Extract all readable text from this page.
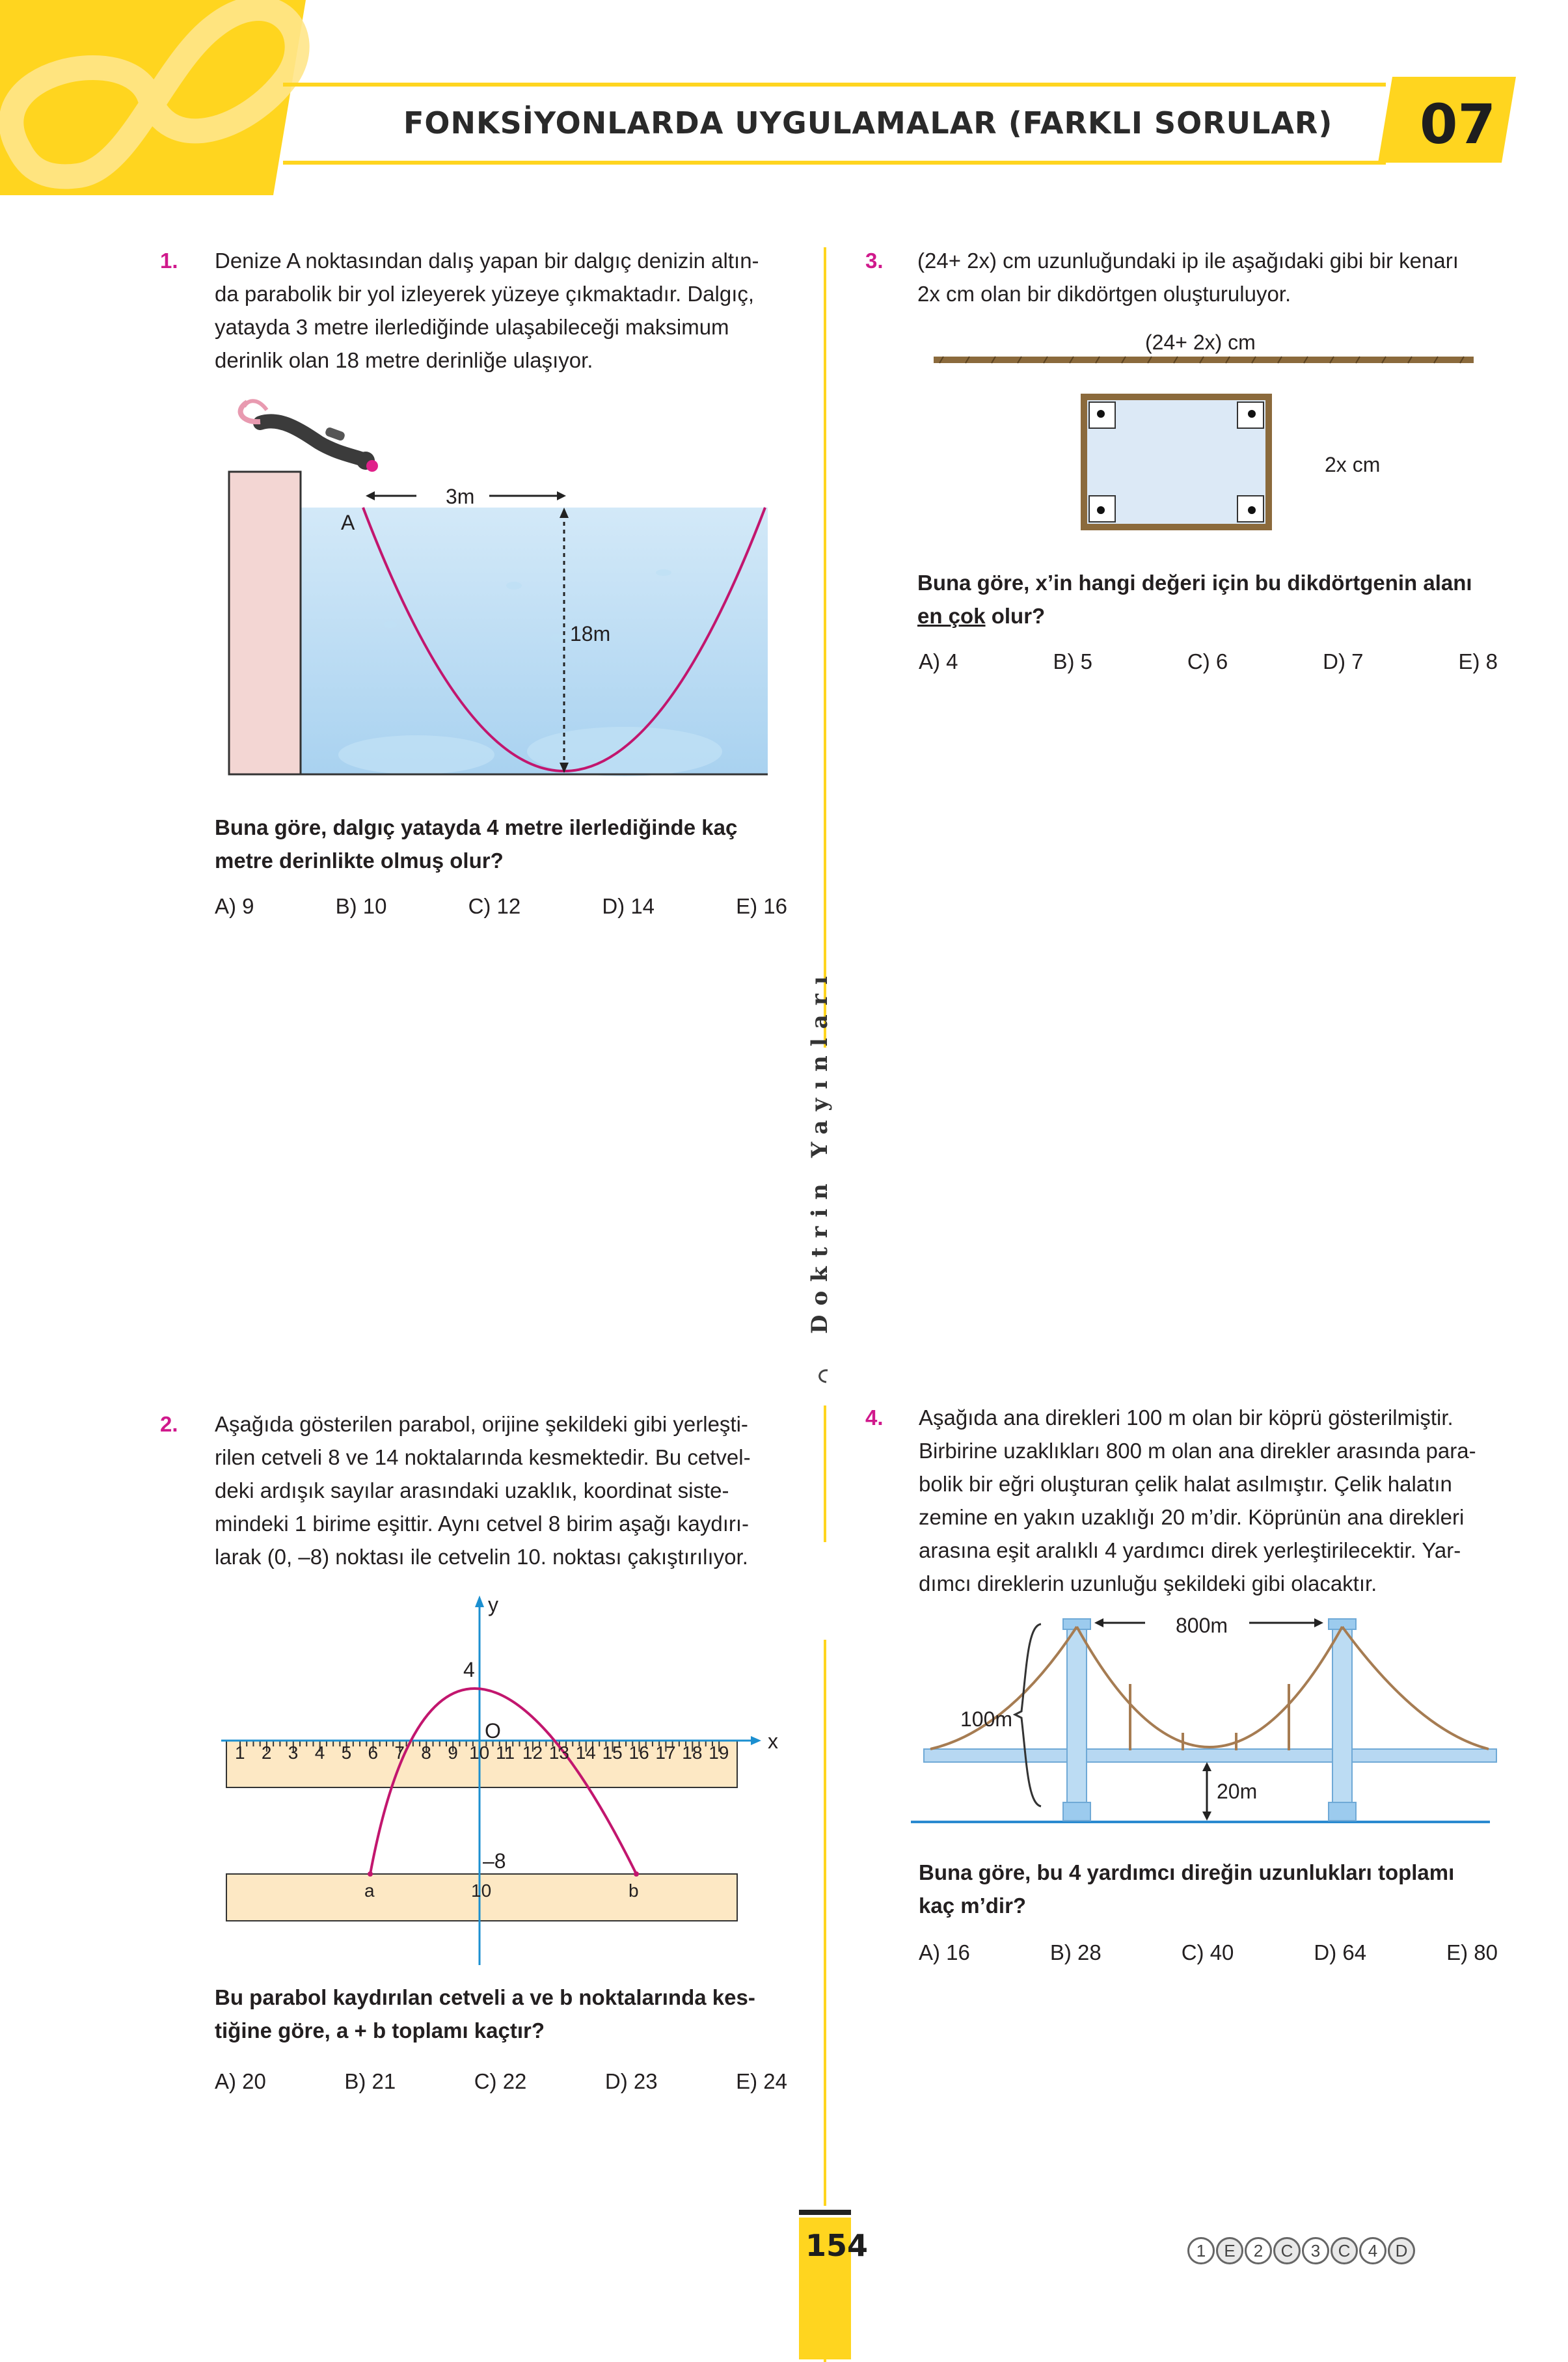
FONKSİYONLARDA UYGULAMALAR (FARKLI SORULAR) 07
Doktrin Yayınları
1. Denize A noktasından dalış yapan bir dalgıç denizin altın-
da parabolik bir yol izleyerek yüzeye çıkmaktadır. Dalgıç,
yatayda 3 metre ilerlediğinde ulaşabileceği maksimum
derinlik olan 18 metre derinliğe ulaşıyor.
A
3m
18m
Buna göre, dalgıç yatayda 4 metre ilerlediğinde kaç
metre derinlikte olmuş olur?
A) 9	B) 10	C) 12	D) 14	E) 16
3. (24+ 2x) cm uzunluğundaki ip ile aşağıdaki gibi bir kenarı
2x cm olan bir dikdörtgen oluşturuluyor.
(24+ 2x) cm
2x cm
Buna göre, x’in hangi değeri için bu dikdörtgenin alanı
en çok olur?
A) 4	B) 5	C) 6	D) 7	E) 8
2. Aşağıda gösterilen parabol, orijine şekildeki gibi yerleşti-
rilen cetveli 8 ve 14 noktalarında kesmektedir. Bu cetvel-
deki ardışık sayılar arasındaki uzaklık, koordinat siste-
mindeki 1 birime eşittir. Aynı cetvel 8 birim aşağı kaydırı-
larak (0, –8) noktası ile cetvelin 10. noktası çakıştırılıyor.
y
x
4
O
–8
1 2 3 4 5 6 7 8 9 10 11 12 13 14 15 16 17 18 19
a	10	b
Bu parabol kaydırılan cetveli a ve b noktalarında kes-
tiğine göre, a + b toplamı kaçtır?
A) 20	B) 21	C) 22	D) 23	E) 24
4. Aşağıda ana direkleri 100 m olan bir köprü gösterilmiştir.
Birbirine uzaklıkları 800 m olan ana direkler arasında para-
bolik bir eğri oluşturan çelik halat asılmıştır. Çelik halatın
zemine en yakın uzaklığı 20 m’dir. Köprünün ana direkleri
arasına eşit aralıklı 4 yardımcı direk yerleştirilecektir. Yar-
dımcı direklerin uzunluğu şekildeki gibi olacaktır.
800m
100m
20m
Buna göre, bu 4 yardımcı direğin uzunlukları toplamı
kaç m’dir?
A) 16	B) 28	C) 40	D) 64	E) 80
154	1	E	2	C	3	C	4	D
